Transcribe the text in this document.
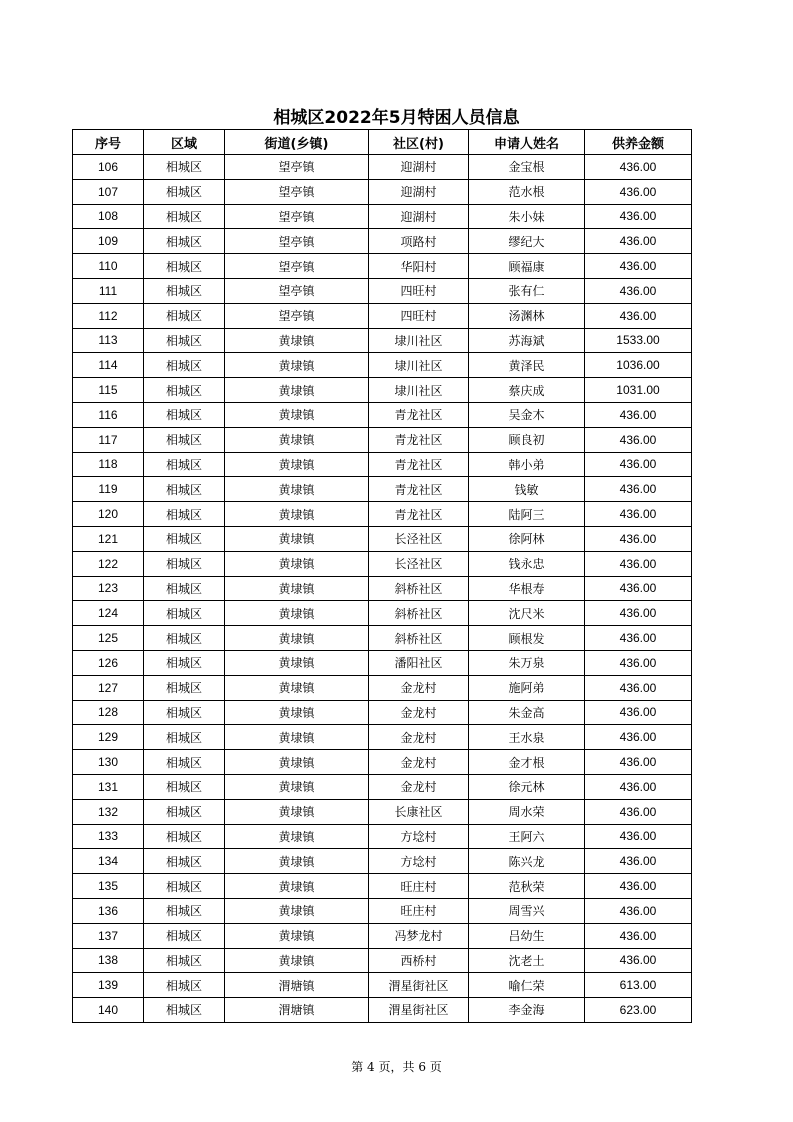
相城区2022年5月特困人员信息
序号	区域	街道(乡镇)	社区(村)	申请人姓名	供养金额
106	相城区	望亭镇	迎湖村	金宝根	436.00
107	相城区	望亭镇	迎湖村	范水根	436.00
108	相城区	望亭镇	迎湖村	朱小妹	436.00
109	相城区	望亭镇	项路村	缪纪大	436.00
110	相城区	望亭镇	华阳村	顾福康	436.00
111	相城区	望亭镇	四旺村	张有仁	436.00
112	相城区	望亭镇	四旺村	汤渊林	436.00
113	相城区	黄埭镇	埭川社区	苏海斌	1533.00
114	相城区	黄埭镇	埭川社区	黄泽民	1036.00
115	相城区	黄埭镇	埭川社区	蔡庆成	1031.00
116	相城区	黄埭镇	青龙社区	吴金木	436.00
117	相城区	黄埭镇	青龙社区	顾良初	436.00
118	相城区	黄埭镇	青龙社区	韩小弟	436.00
119	相城区	黄埭镇	青龙社区	钱敏	436.00
120	相城区	黄埭镇	青龙社区	陆阿三	436.00
121	相城区	黄埭镇	长泾社区	徐阿林	436.00
122	相城区	黄埭镇	长泾社区	钱永忠	436.00
123	相城区	黄埭镇	斜桥社区	华根寿	436.00
124	相城区	黄埭镇	斜桥社区	沈尺米	436.00
125	相城区	黄埭镇	斜桥社区	顾根发	436.00
126	相城区	黄埭镇	潘阳社区	朱万泉	436.00
127	相城区	黄埭镇	金龙村	施阿弟	436.00
128	相城区	黄埭镇	金龙村	朱金高	436.00
129	相城区	黄埭镇	金龙村	王水泉	436.00
130	相城区	黄埭镇	金龙村	金才根	436.00
131	相城区	黄埭镇	金龙村	徐元林	436.00
132	相城区	黄埭镇	长康社区	周水荣	436.00
133	相城区	黄埭镇	方埝村	王阿六	436.00
134	相城区	黄埭镇	方埝村	陈兴龙	436.00
135	相城区	黄埭镇	旺庄村	范秋荣	436.00
136	相城区	黄埭镇	旺庄村	周雪兴	436.00
137	相城区	黄埭镇	冯梦龙村	吕幼生	436.00
138	相城区	黄埭镇	西桥村	沈老土	436.00
139	相城区	渭塘镇	渭星街社区	喻仁荣	613.00
140	相城区	渭塘镇	渭星街社区	李金海	623.00
第 4 页，共 6 页
